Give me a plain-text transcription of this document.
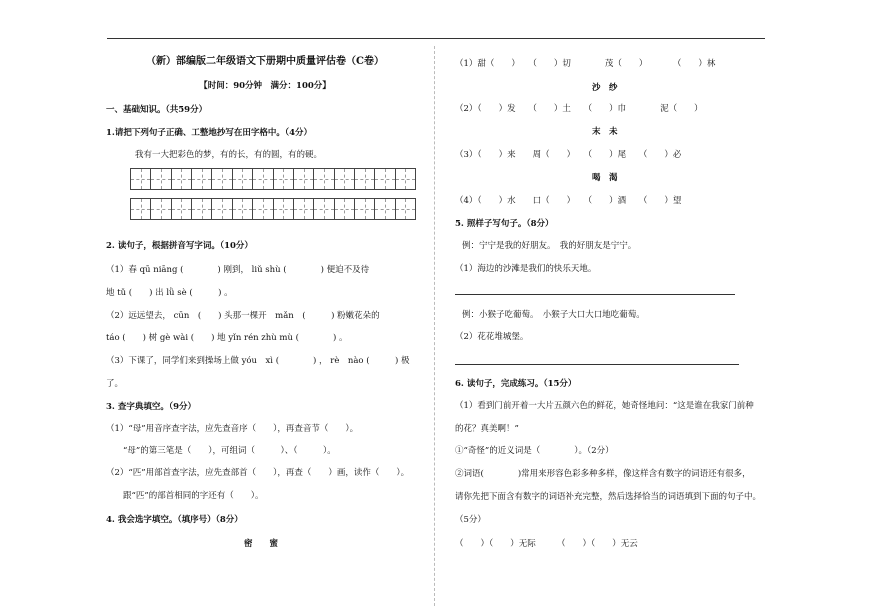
（新）部编版二年级语文下册期中质量评估卷（C卷）
【时间：90分钟　满分：100分】
一、基础知识。（共59分）
1.请把下列句子正确、工整地抄写在田字格中。（4分）
我有一大把彩色的梦，有的长，有的圆，有的硬。
2. 读句子，根据拼音写字词。（10分）
（1）春 qū niāng (　　　　) 刚到， liǔ shù (　　　　) 便迫不及待
地 tǔ (　　) 出 lǜ sè (　　　) 。
（2）远远望去， cūn　(　　) 头那一棵开　mǎn　(　　　) 粉嫩花朵的
táo (　　) 树 gè wài (　　) 地 yǐn rén zhù mù (　　　　) 。
（3）下课了，同学们来到操场上做 yóu　xì (　　　　) ， rè　nào (　　　) 极
了。
3. 查字典填空。（9分）
（1）“母”用音序查字法，应先查音序（　　），再查音节（　　）。
“母”的第三笔是（　　），可组词（　　　）、（　　　）。
（2）“匹”用部首查字法，应先查部首（　　），再查（　　）画，读作（　　）。
跟“匹”的部首相同的字还有（　　）。
4. 我会选字填空。（填序号）（8分）
密　　蜜
（1）甜（　　）　　（　　）切　　　　茂（　　）　　　　（　　）林
沙　纱
（2）（　　）发　　（　　）土　　（　　）巾　　　　泥（　　）
末　未
（3）（　　）来　　周（　　）　　（　　）尾　　（　　）必
喝　渴
（4）（　　）水　　口（　　）　　（　　）酒　　（　　）望
5. 照样子写句子。（8分）
例：宁宁是我的好朋友。　我的好朋友是宁宁。
（1）海边的沙滩是我们的快乐天地。
例：小猴子吃葡萄。　小猴子大口大口地吃葡萄。
（2）花花堆城堡。
6. 读句子，完成练习。（15分）
（1）看到门前开着一大片五颜六色的鲜花，她奇怪地问：“这是谁在我家门前种
的花？真美啊！”
①“奇怪”的近义词是（　　　　）。（2分）
②词语(　　　　)常用来形容色彩多种多样，像这样含有数字的词语还有很多，
请你先把下面含有数字的词语补充完整，然后选择恰当的词语填到下面的句子中。
（5分）
（　　）（　　）无际　　　（　　）（　　）无云
